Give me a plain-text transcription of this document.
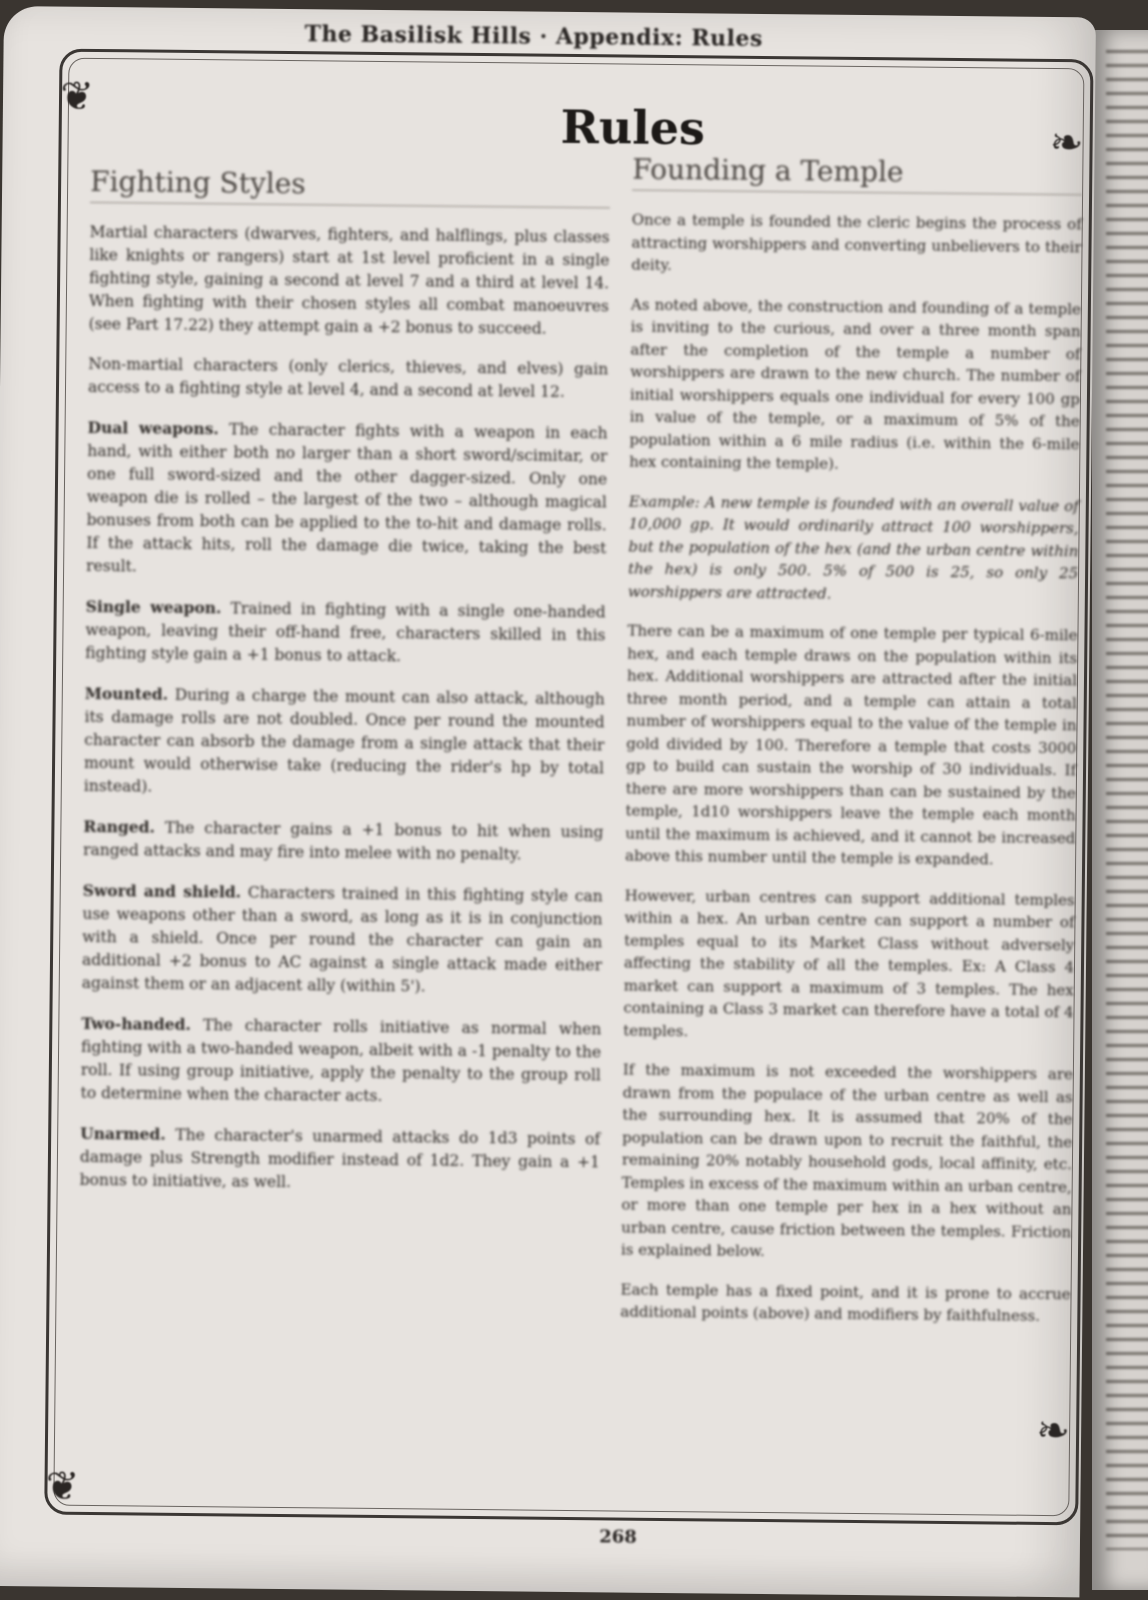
The Basilisk Hills · Appendix: Rules
❦
❦
❧
❧
Rules
Fighting Styles

Martial characters (dwarves, fighters, and halflings, plus classes like knights or rangers) start at 1st level proficient in a single fighting style, gaining a second at level 7 and a third at level 14. When fighting with their chosen styles all combat manoeuvres (see Part 17.22) they attempt gain a +2 bonus to succeed.

Non-martial characters (only clerics, thieves, and elves) gain access to a fighting style at level 4, and a second at level 12.

Dual weapons. The character fights with a weapon in each hand, with either both no larger than a short sword/scimitar, or one full sword-sized and the other dagger-sized. Only one weapon die is rolled – the largest of the two – although magical bonuses from both can be applied to the to-hit and damage rolls. If the attack hits, roll the damage die twice, taking the best result.

Single weapon. Trained in fighting with a single one-handed weapon, leaving their off-hand free, characters skilled in this fighting style gain a +1 bonus to attack.

Mounted. During a charge the mount can also attack, although its damage rolls are not doubled. Once per round the mounted character can absorb the damage from a single attack that their mount would otherwise take (reducing the rider's hp by total instead).

Ranged. The character gains a +1 bonus to hit when using ranged attacks and may fire into melee with no penalty.

Sword and shield. Characters trained in this fighting style can use weapons other than a sword, as long as it is in conjunction with a shield. Once per round the character can gain an additional +2 bonus to AC against a single attack made either against them or an adjacent ally (within 5').

Two-handed. The character rolls initiative as normal when fighting with a two-handed weapon, albeit with a -1 penalty to the roll. If using group initiative, apply the penalty to the group roll to determine when the character acts.

Unarmed. The character's unarmed attacks do 1d3 points of damage plus Strength modifier instead of 1d2. They gain a +1 bonus to initiative, as well.

Founding a Temple

Once a temple is founded the cleric begins the process of attracting worshippers and converting unbelievers to their deity.

As noted above, the construction and founding of a temple is inviting to the curious, and over a three month span after the completion of the temple a number of worshippers are drawn to the new church. The number of initial worshippers equals one individual for every 100 gp in value of the temple, or a maximum of 5% of the population within a 6 mile radius (i.e. within the 6-mile hex containing the temple).

Example: A new temple is founded with an overall value of 10,000 gp. It would ordinarily attract 100 worshippers, but the population of the hex (and the urban centre within the hex) is only 500. 5% of 500 is 25, so only 25 worshippers are attracted.

There can be a maximum of one temple per typical 6-mile hex, and each temple draws on the population within its hex. Additional worshippers are attracted after the initial three month period, and a temple can attain a total number of worshippers equal to the value of the temple in gold divided by 100. Therefore a temple that costs 3000 gp to build can sustain the worship of 30 individuals. If there are more worshippers than can be sustained by the temple, 1d10 worshippers leave the temple each month until the maximum is achieved, and it cannot be increased above this number until the temple is expanded.

However, urban centres can support additional temples within a hex. An urban centre can support a number of temples equal to its Market Class without adversely affecting the stability of all the temples. Ex: A Class 4 market can support a maximum of 3 temples. The hex containing a Class 3 market can therefore have a total of 4 temples.

If the maximum is not exceeded the worshippers are drawn from the populace of the urban centre as well as the surrounding hex. It is assumed that 20% of the population can be drawn upon to recruit the faithful, the remaining 20% notably household gods, local affinity, etc. Temples in excess of the maximum within an urban centre, or more than one temple per hex in a hex without an urban centre, cause friction between the temples. Friction is explained below.

Each temple has a fixed point, and it is prone to accrue additional points (above) and modifiers by faithfulness.

268
